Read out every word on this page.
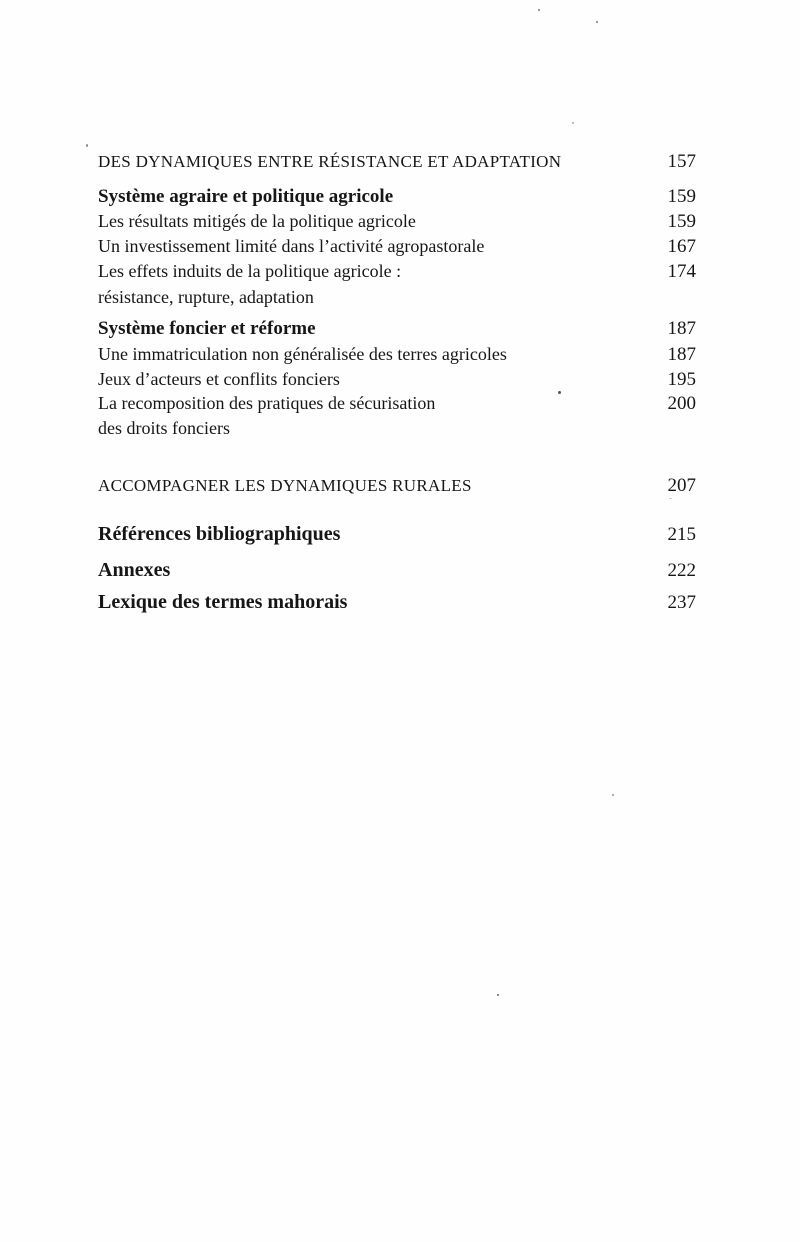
DES DYNAMIQUES ENTRE RÉSISTANCE ET ADAPTATION	157
Système agraire et politique agricole	159
Les résultats mitigés de la politique agricole	159
Un investissement limité dans l’activité agropastorale	167
Les effets induits de la politique agricole :	174
résistance, rupture, adaptation
Système foncier et réforme	187
Une immatriculation non généralisée des terres agricoles	187
Jeux d’acteurs et conflits fonciers	195
La recomposition des pratiques de sécurisation	200
des droits fonciers
ACCOMPAGNER LES DYNAMIQUES RURALES	207
Références bibliographiques	215
Annexes	222
Lexique des termes mahorais	237
